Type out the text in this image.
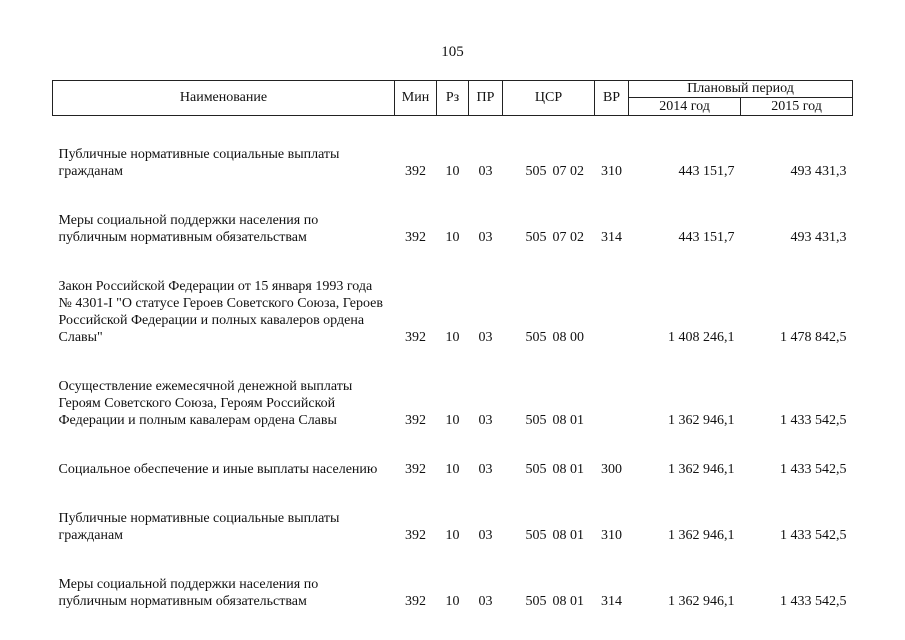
105
Наименование	Мин	Рз	ПР	ЦСР		ВР	Плановый период	
							2014 год	2015 год

Публичные нормативные социальные выплаты гражданам	392	10	03	505	07 02	310	443 151,7	493 431,3

Меры социальной поддержки населения по публичным нормативным обязательствам	392	10	03	505	07 02	314	443 151,7	493 431,3

Закон Российской Федерации от 15 января 1993 года № 4301-I "О статусе Героев Советского Союза, Героев Российской Федерации и полных кавалеров ордена Славы"	392	10	03	505	08 00		1 408 246,1	1 478 842,5

Осуществление ежемесячной денежной выплаты Героям Советского Союза, Героям Российской Федерации и полным кавалерам ордена Славы	392	10	03	505	08 01		1 362 946,1	1 433 542,5

Социальное обеспечение и иные выплаты населению	392	10	03	505	08 01	300	1 362 946,1	1 433 542,5

Публичные нормативные социальные выплаты гражданам	392	10	03	505	08 01	310	1 362 946,1	1 433 542,5

Меры социальной поддержки населения по публичным нормативным обязательствам	392	10	03	505	08 01	314	1 362 946,1	1 433 542,5
